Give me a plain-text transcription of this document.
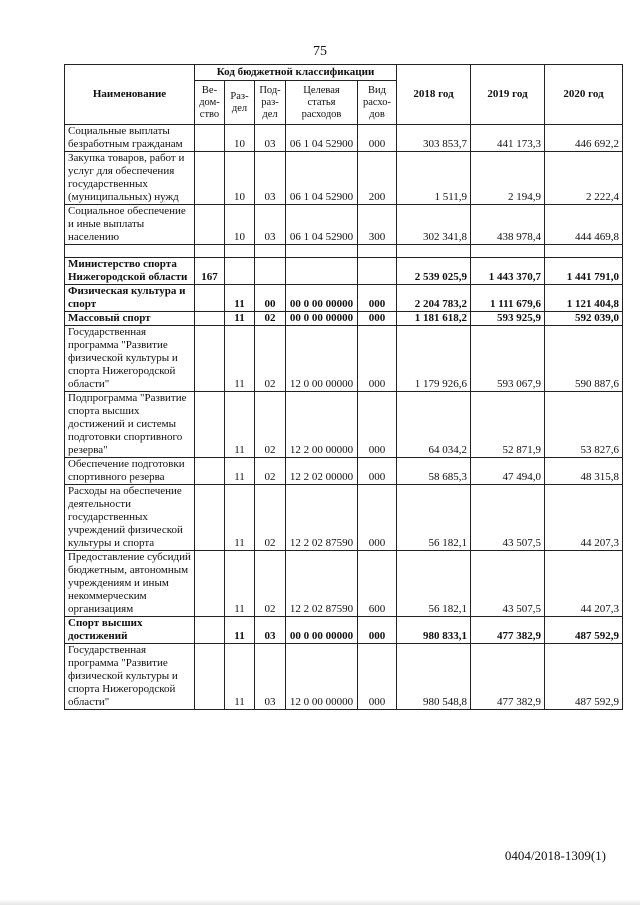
75
Наименование	Код бюджетной классификации					2018 год	2019 год	2020 год
	Ве-дом-ство	Раз-дел	Под-раз-дел	Целевая статья расходов	Вид расхо-дов			
Социальные выплаты безработным гражданам		10	03	06 1 04 52900	000	303 853,7	441 173,3	446 692,2
Закупка товаров, работ и услуг для обеспечения государственных (муниципальных) нужд		10	03	06 1 04 52900	200	1 511,9	2 194,9	2 222,4
Социальное обеспечение и иные выплаты населению		10	03	06 1 04 52900	300	302 341,8	438 978,4	444 469,8

Министерство спорта Нижегородской области	167					2 539 025,9	1 443 370,7	1 441 791,0
Физическая культура и спорт		11	00	00 0 00 00000	000	2 204 783,2	1 111 679,6	1 121 404,8
Массовый спорт		11	02	00 0 00 00000	000	1 181 618,2	593 925,9	592 039,0
Государственная программа "Развитие физической культуры и спорта Нижегородской области"		11	02	12 0 00 00000	000	1 179 926,6	593 067,9	590 887,6
Подпрограмма "Развитие спорта высших достижений и системы подготовки спортивного резерва"		11	02	12 2 00 00000	000	64 034,2	52 871,9	53 827,6
Обеспечение подготовки спортивного резерва		11	02	12 2 02 00000	000	58 685,3	47 494,0	48 315,8
Расходы на обеспечение деятельности государственных учреждений физической культуры и спорта		11	02	12 2 02 87590	000	56 182,1	43 507,5	44 207,3
Предоставление субсидий бюджетным, автономным учреждениям и иным некоммерческим организациям		11	02	12 2 02 87590	600	56 182,1	43 507,5	44 207,3
Спорт высших достижений		11	03	00 0 00 00000	000	980 833,1	477 382,9	487 592,9
Государственная программа "Развитие физической культуры и спорта Нижегородской области"		11	03	12 0 00 00000	000	980 548,8	477 382,9	487 592,9
0404/2018-1309(1)
